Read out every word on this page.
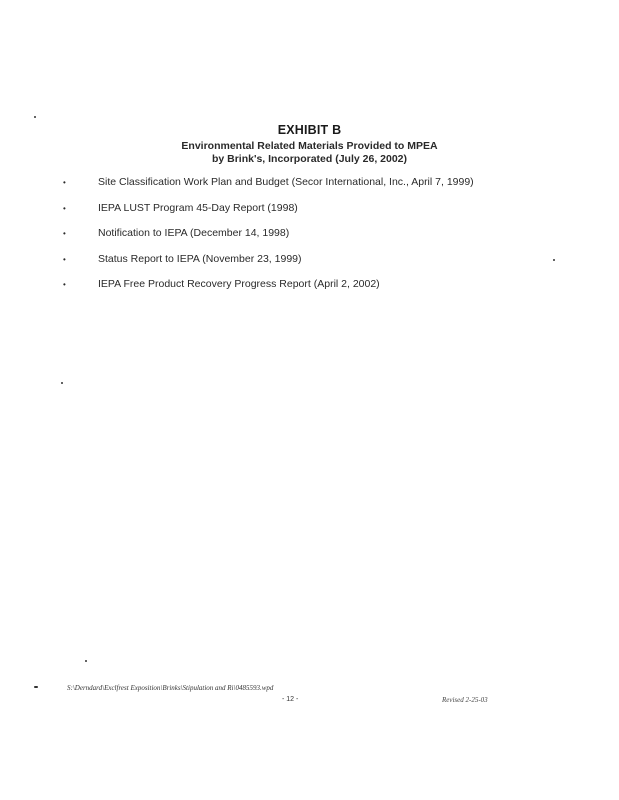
EXHIBIT B
Environmental Related Materials Provided to MPEA
by Brink's, Incorporated (July 26, 2002)
•	Site Classification Work Plan and Budget (Secor International, Inc., April 7, 1999)
•	IEPA LUST Program 45-Day Report (1998)
•	Notification to IEPA (December 14, 1998)
•	Status Report to IEPA (November 23, 1999)
•	IEPA Free Product Recovery Progress Report (April 2, 2002)
S:\Derndard\Exclfrest Exposition\Brinks\Stipulation and Ri\0485593.wpd
- 12 -	Revised 2-25-03
